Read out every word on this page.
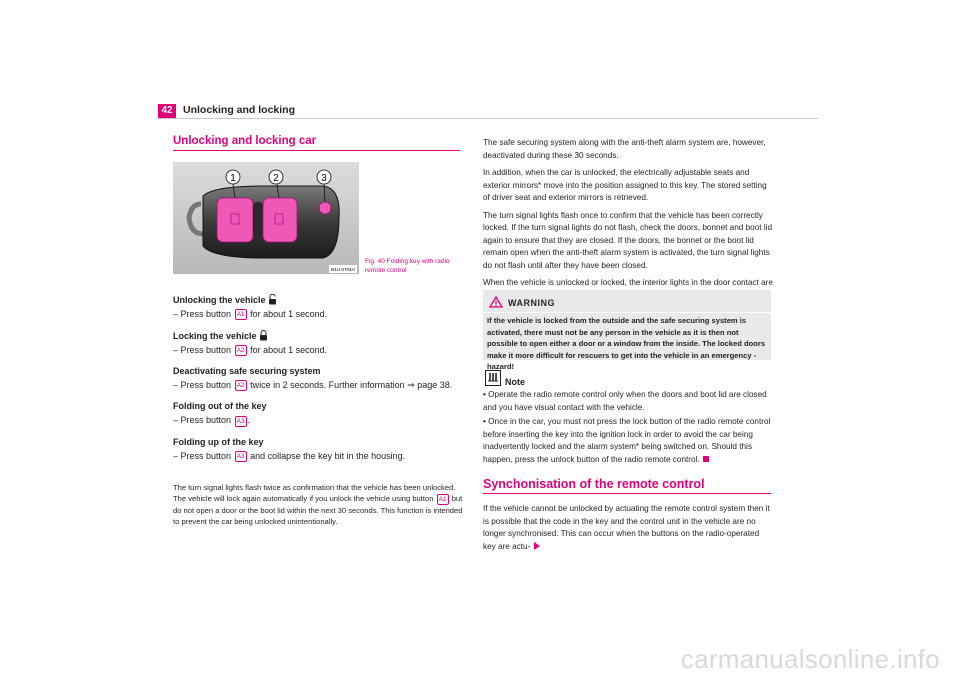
42 Unlocking and locking
Unlocking and locking car
1	2	3
B1U-0704H
Fig. 40 Folding key with radio remote control
Unlocking the vehicle
– Press button A1 for about 1 second.
Locking the vehicle
– Press button A2 for about 1 second.
Deactivating safe securing system
– Press button A2 twice in 2 seconds. Further information ⇒ page 38.
Folding out of the key
– Press button A3 .
Folding up of the key
– Press button A3 and collapse the key bit in the housing.
The turn signal lights flash twice as confirmation that the vehicle has been unlocked. The vehicle will lock again automatically if you unlock the vehicle using button A1 but do not open a door or the boot lid within the next 30 seconds. This function is intended to prevent the car being unlocked unintentionally.
The safe securing system along with the anti-theft alarm system are, however, deactivated during these 30 seconds.
In addition, when the car is unlocked, the electrically adjustable seats and exterior mirrors* move into the position assigned to this key. The stored setting of driver seat and exterior mirrors is retrieved.
The turn signal lights flash once to confirm that the vehicle has been correctly locked. If the turn signal lights do not flash, check the doors, bonnet and boot lid again to ensure that they are closed. If the doors, the bonnet or the boot lid remain open when the anti-theft alarm system is activated, the turn signal lights do not flash until after they have been closed.
When the vehicle is unlocked or locked, the interior lights in the door contact are
WARNING
If the vehicle is locked from the outside and the safe securing system is activated, there must not be any person in the vehicle as it is then not possible to open either a door or a window from the inside. The locked doors make it more difficult for rescuers to get into the vehicle in an emergency - hazard!
Note
• Operate the radio remote control only when the doors and boot lid are closed and you have visual contact with the vehicle.
• Once in the car, you must not press the lock button of the radio remote control before inserting the key into the ignition lock in order to avoid the car being inadvertently locked and the alarm system* being switched on. Should this happen, press the unlock button of the radio remote control.
Synchonisation of the remote control
If the vehicle cannot be unlocked by actuating the remote control system then it is possible that the code in the key and the control unit in the vehicle are no longer synchronised. This can occur when the buttons on the radio-operated key are actu-
carmanualsonline.info
